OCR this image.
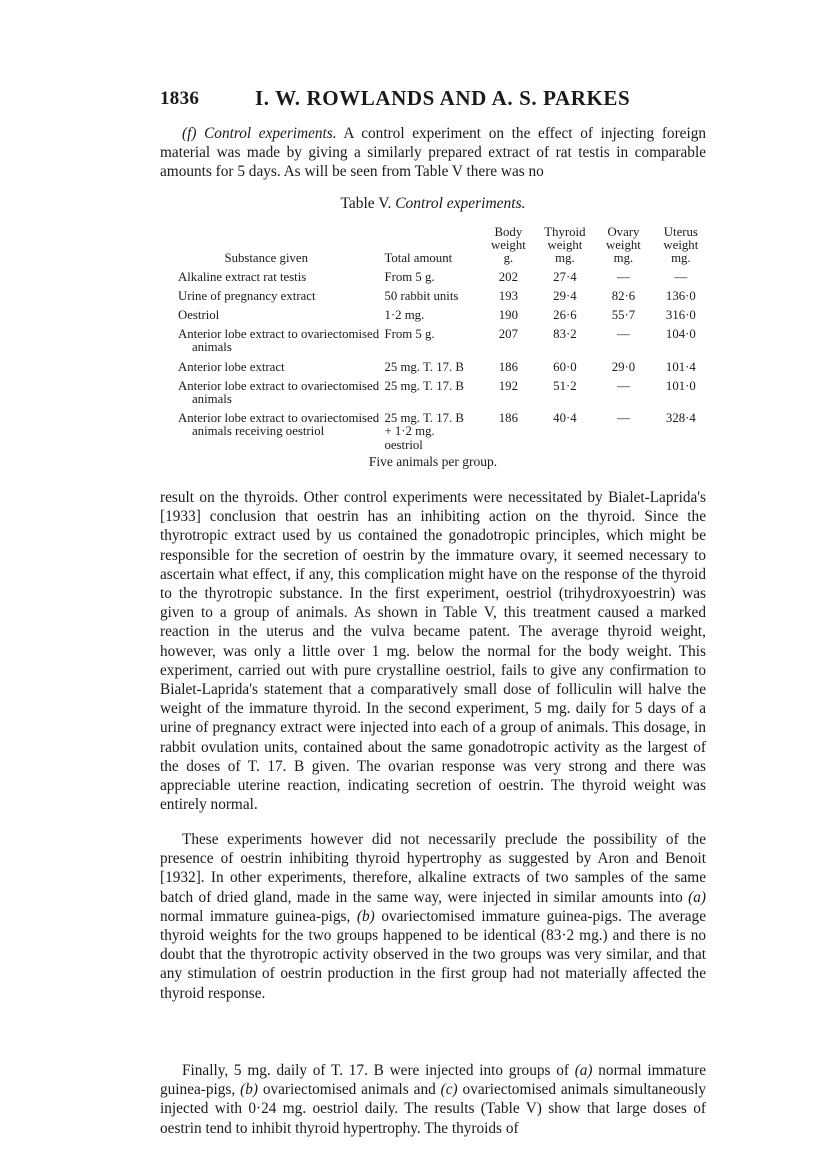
1836	I. W. ROWLANDS AND A. S. PARKES

(f) Control experiments. A control experiment on the effect of injecting foreign material was made by giving a similarly prepared extract of rat testis in comparable amounts for 5 days. As will be seen from Table V there was no

Table V. Control experiments.
Substance given	Total amount	Body weight g.	Thyroid weight mg.	Ovary weight mg.	Uterus weight mg.

Alkaline extract rat testis	From 5 g.	202	27·4	—	—

Urine of pregnancy extract	50 rabbit units	193	29·4	82·6	136·0

Oestriol	1·2 mg.	190	26·6	55·7	316·0

Anterior lobe extract to ovariectomised animals	From 5 g.	207	83·2	—	104·0

Anterior lobe extract	25 mg. T. 17. B	186	60·0	29·0	101·4

Anterior lobe extract to ovariectomised animals	25 mg. T. 17. B	192	51·2	—	101·0

Anterior lobe extract to ovariectomised animals receiving oestriol	25 mg. T. 17. B + 1·2 mg. oestriol	186	40·4	—	328·4
Five animals per group.

result on the thyroids. Other control experiments were necessitated by Bialet-Laprida's [1933] conclusion that oestrin has an inhibiting action on the thyroid. Since the thyrotropic extract used by us contained the gonadotropic principles, which might be responsible for the secretion of oestrin by the immature ovary, it seemed necessary to ascertain what effect, if any, this complication might have on the response of the thyroid to the thyrotropic substance. In the first experiment, oestriol (trihydroxyoestrin) was given to a group of animals. As shown in Table V, this treatment caused a marked reaction in the uterus and the vulva became patent. The average thyroid weight, however, was only a little over 1 mg. below the normal for the body weight. This experiment, carried out with pure crystalline oestriol, fails to give any confirmation to Bialet-Laprida's statement that a comparatively small dose of folliculin will halve the weight of the immature thyroid. In the second experiment, 5 mg. daily for 5 days of a urine of pregnancy extract were injected into each of a group of animals. This dosage, in rabbit ovulation units, contained about the same gonadotropic activity as the largest of the doses of T. 17. B given. The ovarian response was very strong and there was appreciable uterine reaction, indicating secretion of oestrin. The thyroid weight was entirely normal.

These experiments however did not necessarily preclude the possibility of the presence of oestrin inhibiting thyroid hypertrophy as suggested by Aron and Benoit [1932]. In other experiments, therefore, alkaline extracts of two samples of the same batch of dried gland, made in the same way, were injected in similar amounts into (a) normal immature guinea-pigs, (b) ovariectomised immature guinea-pigs. The average thyroid weights for the two groups happened to be identical (83·2 mg.) and there is no doubt that the thyrotropic activity observed in the two groups was very similar, and that any stimulation of oestrin production in the first group had not materially affected the thyroid response.

Finally, 5 mg. daily of T. 17. B were injected into groups of (a) normal immature guinea-pigs, (b) ovariectomised animals and (c) ovariectomised animals simultaneously injected with 0·24 mg. oestriol daily. The results (Table V) show that large doses of oestrin tend to inhibit thyroid hypertrophy. The thyroids of
